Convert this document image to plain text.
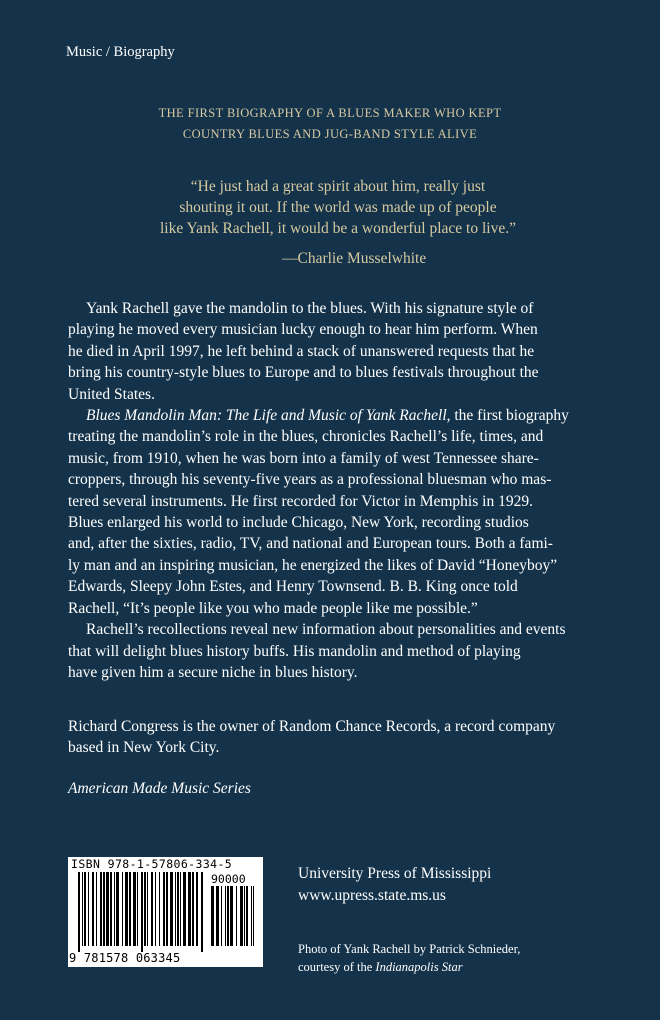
Music / Biography
THE FIRST BIOGRAPHY OF A BLUES MAKER WHO KEPT
COUNTRY BLUES AND JUG-BAND STYLE ALIVE
“He just had a great spirit about him, really just
shouting it out. If the world was made up of people
like Yank Rachell, it would be a wonderful place to live.”
—Charlie Musselwhite
Yank Rachell gave the mandolin to the blues. With his signature style of
playing he moved every musician lucky enough to hear him perform. When
he died in April 1997, he left behind a stack of unanswered requests that he
bring his country-style blues to Europe and to blues festivals throughout the
United States.
Blues Mandolin Man: The Life and Music of Yank Rachell, the first biography
treating the mandolin’s role in the blues, chronicles Rachell’s life, times, and
music, from 1910, when he was born into a family of west Tennessee share-
croppers, through his seventy-five years as a professional bluesman who mas-
tered several instruments. He first recorded for Victor in Memphis in 1929.
Blues enlarged his world to include Chicago, New York, recording studios
and, after the sixties, radio, TV, and national and European tours. Both a fami-
ly man and an inspiring musician, he energized the likes of David “Honeyboy”
Edwards, Sleepy John Estes, and Henry Townsend. B. B. King once told
Rachell, “It’s people like you who made people like me possible.”
Rachell’s recollections reveal new information about personalities and events
that will delight blues history buffs. His mandolin and method of playing
have given him a secure niche in blues history.
Richard Congress is the owner of Random Chance Records, a record company
based in New York City.
American Made Music Series
ISBN 978-1-57806-334-5
90000
9 781578 063345
University Press of Mississippi
www.upress.state.ms.us
Photo of Yank Rachell by Patrick Schnieder,
courtesy of the Indianapolis Star
